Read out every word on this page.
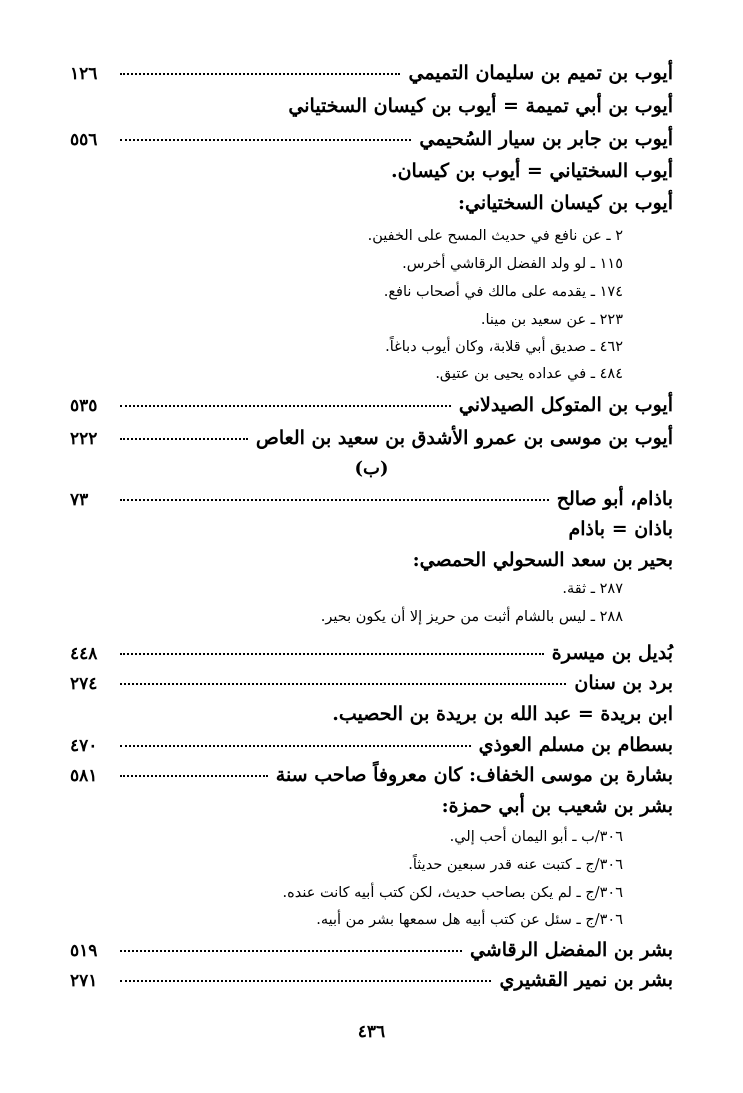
أيوب بن تميم بن سليمان التميمي
١٢٦
أيوب بن أبي تميمة = أيوب بن كيسان السختياني
أيوب بن جابر بن سيار السُحيمي
٥٥٦
أيوب السختياني = أيوب بن كيسان.
أيوب بن كيسان السختياني:
٢ ـ عن نافع في حديث المسح على الخفين.
١١٥ ـ لو ولد الفضل الرقاشي أخرس.
١٧٤ ـ يقدمه على مالك في أصحاب نافع.
٢٢٣ ـ عن سعيد بن مينا.
٤٦٢ ـ صديق أبي قلابة، وكان أيوب دباغاً.
٤٨٤ ـ في عداده يحيى بن عتيق.
أيوب بن المتوكل الصيدلاني
٥٣٥
أيوب بن موسى بن عمرو الأشدق بن سعيد بن العاص
٢٢٢
(ب)
باذام، أبو صالح
٧٣
باذان = باذام
بحير بن سعد السحولي الحمصي:
٢٨٧ ـ ثقة.
٢٨٨ ـ ليس بالشام أثبت من حريز إلا أن يكون بحير.
بُديل بن ميسرة
٤٤٨
برد بن سنان
٢٧٤
ابن بريدة = عبد الله بن بريدة بن الحصيب.
بسطام بن مسلم العوذي
٤٧٠
بشارة بن موسى الخفاف: كان معروفاً صاحب سنة
٥٨١
بشر بن شعيب بن أبي حمزة:
٣٠٦/ب ـ أبو اليمان أحب إلي.
٣٠٦/ج ـ كتبت عنه قدر سبعين حديثاً.
٣٠٦/ج ـ لم يكن بصاحب حديث، لكن كتب أبيه كانت عنده.
٣٠٦/ج ـ سئل عن كتب أبيه هل سمعها بشر من أبيه.
بشر بن المفضل الرقاشي
٥١٩
بشر بن نمير القشيري
٢٧١
٤٣٦
